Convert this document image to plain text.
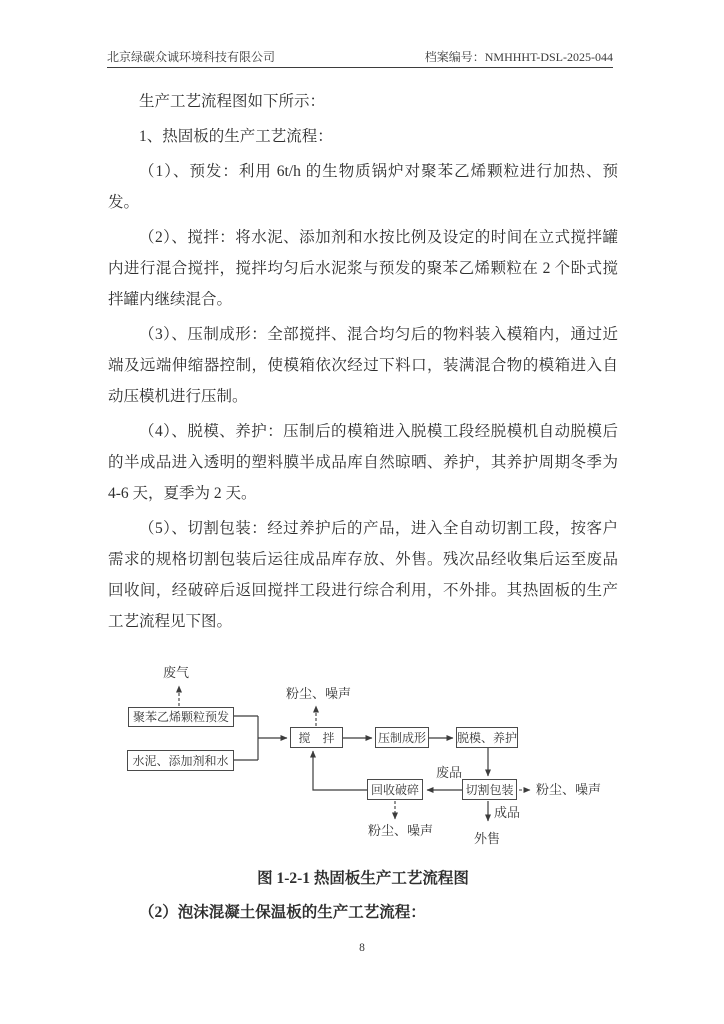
北京绿碳众诚环境科技有限公司	档案编号：NMHHHT-DSL-2025-044

生产工艺流程图如下所示：

1、热固板的生产工艺流程：

（1）、预发：利用 6t/h 的生物质锅炉对聚苯乙烯颗粒进行加热、预发。

（2）、搅拌：将水泥、添加剂和水按比例及设定的时间在立式搅拌罐内进行混合搅拌，搅拌均匀后水泥浆与预发的聚苯乙烯颗粒在 2 个卧式搅拌罐内继续混合。

（3）、压制成形：全部搅拌、混合均匀后的物料装入模箱内，通过近端及远端伸缩器控制，使模箱依次经过下料口，装满混合物的模箱进入自动压模机进行压制。

（4）、脱模、养护：压制后的模箱进入脱模工段经脱模机自动脱模后的半成品进入透明的塑料膜半成品库自然晾晒、养护，其养护周期冬季为 4-6 天，夏季为 2 天。

（5）、切割包装：经过养护后的产品，进入全自动切割工段，按客户需求的规格切割包装后运往成品库存放、外售。残次品经收集后运至废品回收间，经破碎后返回搅拌工段进行综合利用，不外排。其热固板的生产工艺流程见下图。

聚苯乙烯颗粒预发
水泥、添加剂和水
搅　拌	压制成形	脱模、养护
回收破碎	切割包装
废气
粉尘、噪声
粉尘、噪声
粉尘、噪声
废品
成品
外售
图 1-2-1 热固板生产工艺流程图
（2）泡沫混凝土保温板的生产工艺流程：
8
